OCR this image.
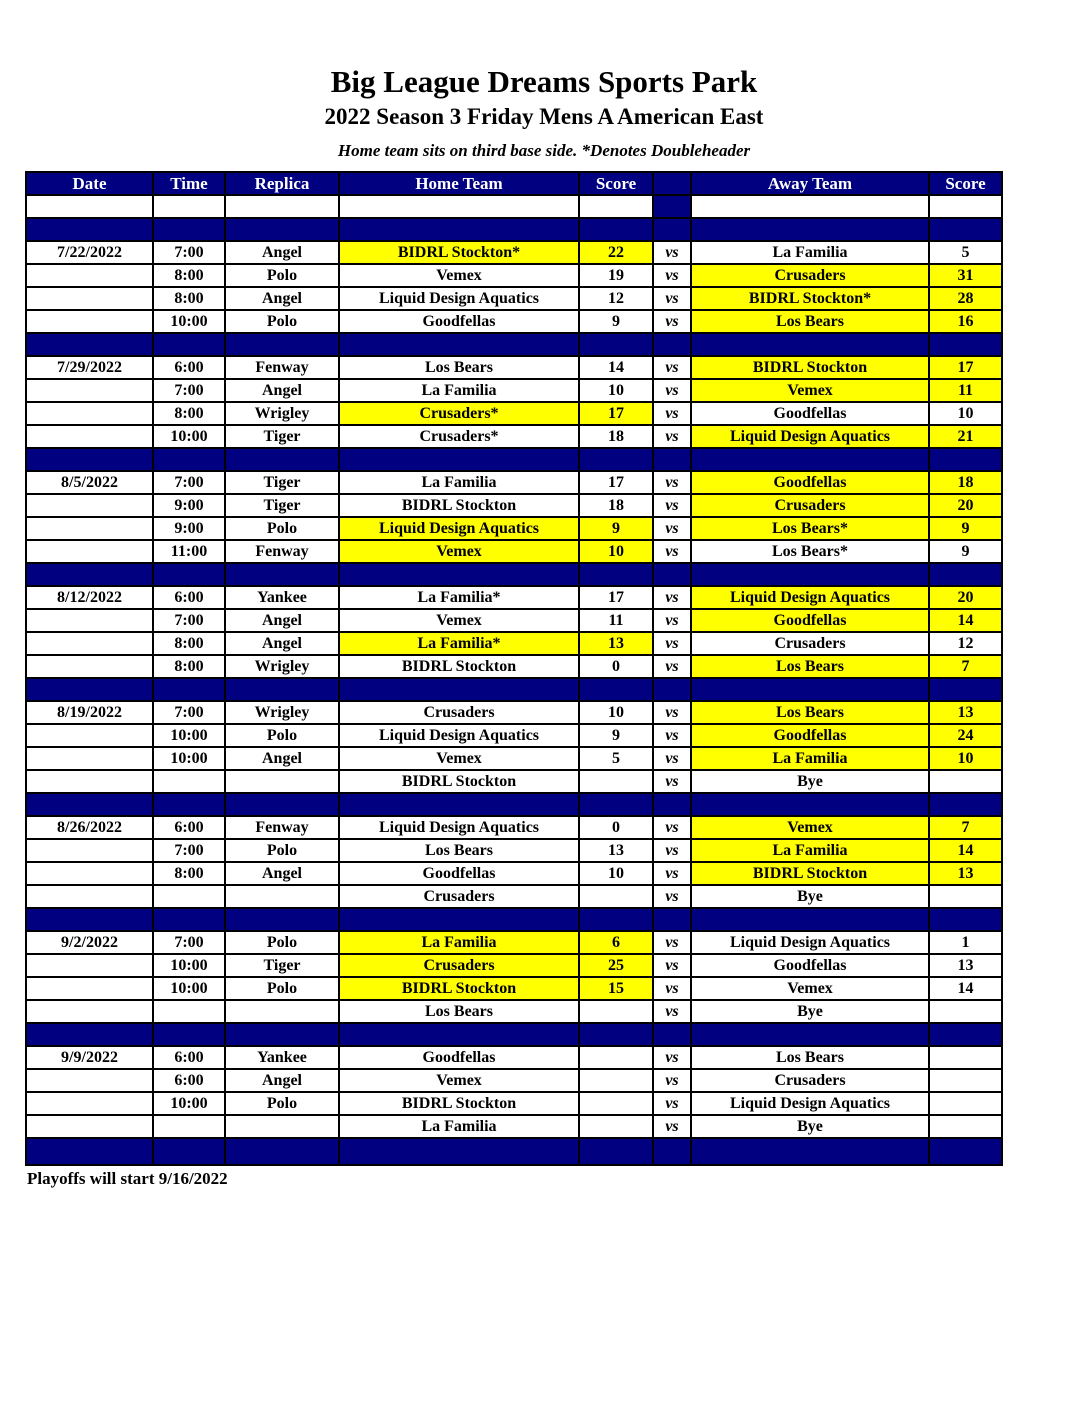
Big League Dreams Sports Park
2022 Season 3 Friday Mens A American East
Home team sits on third base side. *Denotes Doubleheader
Date	Time	Replica	Home Team	Score		Away Team	Score

7/22/2022	7:00	Angel	BIDRL Stockton*	22	vs	La Familia	5
	8:00	Polo	Vemex	19	vs	Crusaders	31
	8:00	Angel	Liquid Design Aquatics	12	vs	BIDRL Stockton*	28
	10:00	Polo	Goodfellas	9	vs	Los Bears	16

7/29/2022	6:00	Fenway	Los Bears	14	vs	BIDRL Stockton	17
	7:00	Angel	La Familia	10	vs	Vemex	11
	8:00	Wrigley	Crusaders*	17	vs	Goodfellas	10
	10:00	Tiger	Crusaders*	18	vs	Liquid Design Aquatics	21

8/5/2022	7:00	Tiger	La Familia	17	vs	Goodfellas	18
	9:00	Tiger	BIDRL Stockton	18	vs	Crusaders	20
	9:00	Polo	Liquid Design Aquatics	9	vs	Los Bears*	9
	11:00	Fenway	Vemex	10	vs	Los Bears*	9

8/12/2022	6:00	Yankee	La Familia*	17	vs	Liquid Design Aquatics	20
	7:00	Angel	Vemex	11	vs	Goodfellas	14
	8:00	Angel	La Familia*	13	vs	Crusaders	12
	8:00	Wrigley	BIDRL Stockton	0	vs	Los Bears	7

8/19/2022	7:00	Wrigley	Crusaders	10	vs	Los Bears	13
	10:00	Polo	Liquid Design Aquatics	9	vs	Goodfellas	24
	10:00	Angel	Vemex	5	vs	La Familia	10
			BIDRL Stockton		vs	Bye	

8/26/2022	6:00	Fenway	Liquid Design Aquatics	0	vs	Vemex	7
	7:00	Polo	Los Bears	13	vs	La Familia	14
	8:00	Angel	Goodfellas	10	vs	BIDRL Stockton	13
			Crusaders		vs	Bye	

9/2/2022	7:00	Polo	La Familia	6	vs	Liquid Design Aquatics	1
	10:00	Tiger	Crusaders	25	vs	Goodfellas	13
	10:00	Polo	BIDRL Stockton	15	vs	Vemex	14
			Los Bears		vs	Bye	

9/9/2022	6:00	Yankee	Goodfellas		vs	Los Bears	
	6:00	Angel	Vemex		vs	Crusaders	
	10:00	Polo	BIDRL Stockton		vs	Liquid Design Aquatics	
			La Familia		vs	Bye	

Playoffs will start 9/16/2022
